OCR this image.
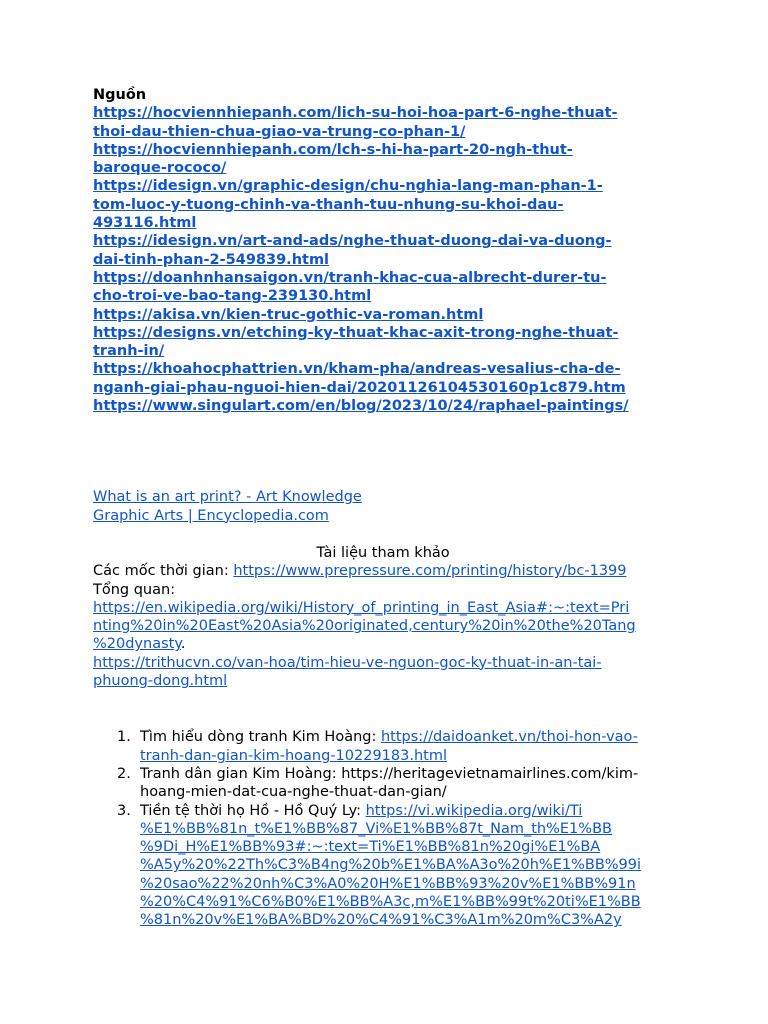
Nguồn
https://hocviennhiepanh.com/lich-su-hoi-hoa-part-6-nghe-thuat-
thoi-dau-thien-chua-giao-va-trung-co-phan-1/
https://hocviennhiepanh.com/lch-s-hi-ha-part-20-ngh-thut-
baroque-rococo/
https://idesign.vn/graphic-design/chu-nghia-lang-man-phan-1-
tom-luoc-y-tuong-chinh-va-thanh-tuu-nhung-su-khoi-dau-
493116.html
https://idesign.vn/art-and-ads/nghe-thuat-duong-dai-va-duong-
dai-tinh-phan-2-549839.html
https://doanhnhansaigon.vn/tranh-khac-cua-albrecht-durer-tu-
cho-troi-ve-bao-tang-239130.html
https://akisa.vn/kien-truc-gothic-va-roman.html
https://designs.vn/etching-ky-thuat-khac-axit-trong-nghe-thuat-
tranh-in/
https://khoahocphattrien.vn/kham-pha/andreas-vesalius-cha-de-
nganh-giai-phau-nguoi-hien-dai/20201126104530160p1c879.htm
https://www.singulart.com/en/blog/2023/10/24/raphael-paintings/
What is an art print? - Art Knowledge
Graphic Arts | Encyclopedia.com
Tài liệu tham khảo
Các mốc thời gian: https://www.prepressure.com/printing/history/bc-1399
Tổng quan:
https://en.wikipedia.org/wiki/History_of_printing_in_East_Asia#:~:text=Pri
nting%20in%20East%20Asia%20originated,century%20in%20the%20Tang
%20dynasty.
https://trithucvn.co/van-hoa/tim-hieu-ve-nguon-goc-ky-thuat-in-an-tai-
phuong-dong.html
1. Tìm hiểu dòng tranh Kim Hoàng: https://daidoanket.vn/thoi-hon-vao-
tranh-dan-gian-kim-hoang-10229183.html
2. Tranh dân gian Kim Hoàng: https://heritagevietnamairlines.com/kim-
hoang-mien-dat-cua-nghe-thuat-dan-gian/
3. Tiền tệ thời họ Hồ - Hồ Quý Ly: https://vi.wikipedia.org/wiki/Ti
%E1%BB%81n_t%E1%BB%87_Vi%E1%BB%87t_Nam_th%E1%BB
%9Di_H%E1%BB%93#:~:text=Ti%E1%BB%81n%20gi%E1%BA
%A5y%20%22Th%C3%B4ng%20b%E1%BA%A3o%20h%E1%BB%99i
%20sao%22%20nh%C3%A0%20H%E1%BB%93%20v%E1%BB%91n
%20%C4%91%C6%B0%E1%BB%A3c,m%E1%BB%99t%20ti%E1%BB
%81n%20v%E1%BA%BD%20%C4%91%C3%A1m%20m%C3%A2y
